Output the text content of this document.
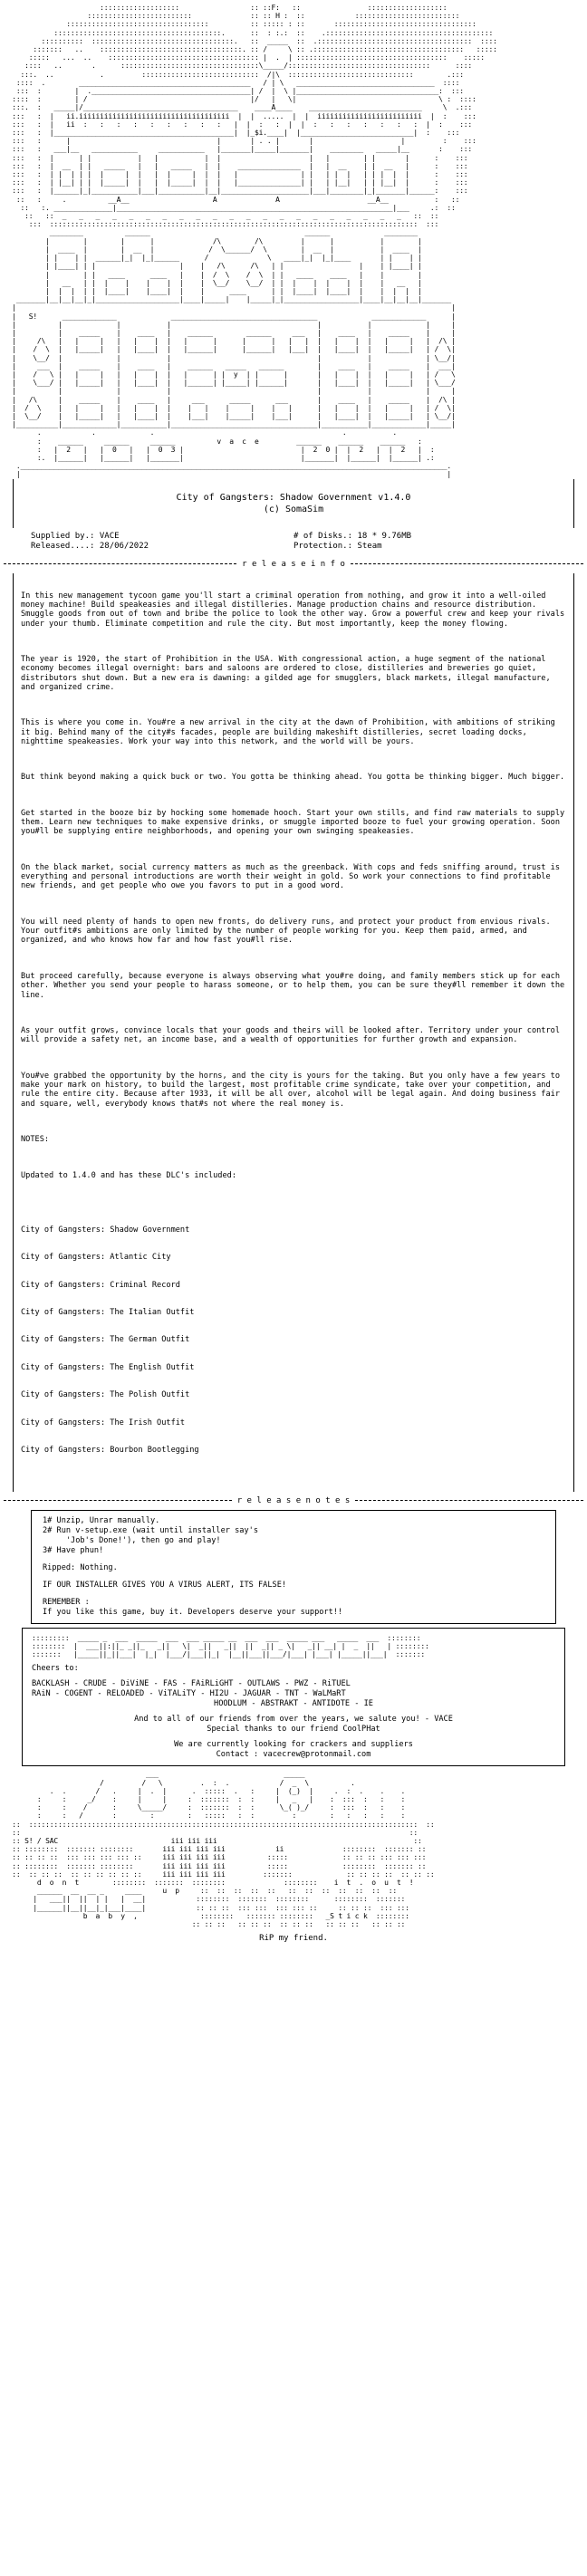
:::::::::::::::::::                 :: ::F:   ::                :::::::::::::::::::
:::::::::::::::::::::::::              :: :: H :  ::            :::::::::::::::::::::::::
::::::::::::::::::::::::::::::::::          :: ::::: : ::       ::::::::::::::::::::::::::::::::::
::::::::::::::::::::::::::::::::::::::::.      ::  : :.:  ::    .::::::::::::::::::::::::::::::::::::::::
::::::::::  ::::::::::::::::::::::::::::::::::.   ::  _____  ::  .:::::::::::::::::::::::::::::::::::::  ::::
:::::::   ..    ::::::::::::::::::::::::::::::::::. :: /     \ :: .::::::::::::::::::::::::::::::::::::   :::::
:::::   ...  ..    :::::::::::::::::::::::::::::::::::: |  .  | ::::::::::::::::::::::::::::::::::::    :::::
::::   ..       .      :::::::::::::::::::::::::::::::::\_____/::::::::::::::::::::::::::::::::::      ::::
:::.  ..           .         ::::::::::::::::::::::::::::  /|\  ::::::::::::::::::::::::::::::        .:::
::::  .        _________________________________________   / | \   _________________________________  ::::
:::  :        |  .______________________________________| /  |  \ |__________________________________:  :::
::::  :        | /                                       |/   |   \|                                  \ :  ::::
:::.  :   _____|/_____________________________________    ____A____    ___________________________     \  .:::
:::   :  |   ii.iiiiiiiiiiiiiiiiiiiiiiiiiiiiiiiiiiii  |  |  .....  |  |  iiiiiiiiiiiiiiiiiiiiiiiii  |  :    :::
:::   :  |   ii  :   :   :   :   :   :   :   :   :   |  |  :   :  |  |  :   :   :   :   :   :   :  |  :    :::
:::   :  |___________________________________________|  |_$i.____|  |___________________________|  :    :::
:::   :      |                                   |       | . . |       |                     |         :    :::
:::   :   ___|__   ___________     ___________   |_______|_____|_______|    ________   _____|__       :    :::
:::   :  |      | |           |   |           |  |                     |   |        | |       |      :    :::
:::   :  |  __  | |   _____   |   |   _____   |  |    _______________  |   |  __    | |  __   |      :    :::
:::   :  | |  | | |  |     |  |   |  |     |  |  |   |               | |   | |  |   | | |  |  |      :    :::
:::   :  | |__| | |  |_____|  |   |  |_____|  |  |   |_______________| |   | |__|   | | |__|  |      :    :::
:::   :  |______|_|___________|___|___________|__|_____________________|___|________|_|_______|______:    :::
::   :     .          __A__                    A              A                     __A__           :   ::
::   :. ______________|__________________________________________________________________|___     .:  ::
::   ::  _   _   _   _   _   _   _   _   _   _   _   _   _   _   _   _   _   _   _   _   _   ::  ::
:::  ::::::::::::::::::::::::::::::::::::::::::::::::::::::::::::::::::::::::::::::::::::::::  :::
________          ______                                     ______             ________
|        |        |      |              /\        /\         |      |           |        |
|  ____  |        |  __  |             /  \______/  \        |  __  |           |  ____  |
| |    | |  ______|_|  |_|______      /              \   ____|_|  |_|____       | |    | |
| |____| | |                    |    |   /\      /\   | |                  |    | |____| |
|        | |   ____      ____   |    |  /  \    /  \  | |   ____    ____   |    |        |
|   __   | |  |    |    |    |  |    |  \__/    \__/  | |  |    |  |    |  |    |   __   |
|  |  |  | |  |____|    |____|  |    |      ____      | |  |____|  |____|  |    |  |  |  |
_______|__|__|__|_|____________________|____|_____|    |_____|_|__________________|____|__|__|__|_______
|                                                                                                        |
|   S!      _____________             ___________________________________             _____________      |
|          |             |           |                                   |           |             |     |
|          |    _____    |    ____   |    ______        ______     ___   |    ____   |    _____    |     |
|     /\   |   |     |   |   |    |  |   |      |      |      |   |   |  |   |    |  |   |     |   |  /\ |
|    /  \  |   |_____|   |   |____|  |   |______|      |______|   |___|  |   |____|  |   |_____|   | /  \|
|    \__/  |             |           |                                   |           |             | \__/|
|     ___  |    _____    |    ____   |    ______   _____   ______        |    ____   |    _____    |  ___|
|    /   \ |   |     |   |   |    |  |   |      | |  y  | |      |       |   |    |  |   |     |   | /   \
|    \___/ |   |_____|   |   |____|  |   |______| |_____| |______|       |   |____|  |   |_____|   | \___/
|          |             |           |                                   |           |             |     |
|   /\     |    _____    |    ____   |     ___      _____      ___       |    ____   |    _____    |  /\ |
|  /  \    |   |     |   |   |    |  |    |   |    |     |    |   |      |   |    |  |   |     |   | /  \|
|  \__/    |   |_____|   |   |____|  |    |___|    |_____|    |___|      |   |____|  |   |_____|   | \__/|
|__________|_____________|___________|___________________________________|___________|_____________|_____|
.            .             .                                             .           .
:    ______     ______     ______          v  a  c  e         ______    ______    ______   :
:   |  2   |   |  0   |   |  0  3 |                            |  2  0 |  |  2   |  |  2   |  :
:.  |______|   |______|   |_______|                            |_______|  |______|  |______| .:
.______________________________________________________________________________________________________.
|                                                                                                      |
City of Gangsters: Shadow Government v1.4.0
(c) SomaSim
Supplied by.: VACE	# of Disks.: 18 * 9.76MB
Released....: 28/06/2022	Protection.: Steam
r e l e a s e i n f o

In this new management tycoon game you'll start a criminal operation from nothing, and grow it into a well-oiled money machine! Build speakeasies and illegal distilleries. Manage production chains and resource distribution. Smuggle goods from out of town and bribe the police to look the other way. Grow a powerful crew and keep your rivals under your thumb. Eliminate competition and rule the city. But most importantly, keep the money flowing.

The year is 1920, the start of Prohibition in the USA. With congressional action, a huge segment of the national economy becomes illegal overnight: bars and saloons are ordered to close, distilleries and breweries go quiet, distributors shut down. But a new era is dawning: a gilded age for smugglers, black markets, illegal manufacture, and organized crime.

This is where you come in. You#re a new arrival in the city at the dawn of Prohibition, with ambitions of striking it big. Behind many of the city#s facades, people are building makeshift distilleries, secret loading docks, nighttime speakeasies. Work your way into this network, and the world will be yours.

But think beyond making a quick buck or two. You gotta be thinking ahead. You gotta be thinking bigger. Much bigger.

Get started in the booze biz by hocking some homemade hooch. Start your own stills, and find raw materials to supply them. Learn new techniques to make expensive drinks, or smuggle imported booze to fuel your growing operation. Soon you#ll be supplying entire neighborhoods, and opening your own swinging speakeasies.

On the black market, social currency matters as much as the greenback. With cops and feds sniffing around, trust is everything and personal introductions are worth their weight in gold. So work your connections to find profitable new friends, and get people who owe you favors to put in a good word.

You will need plenty of hands to open new fronts, do delivery runs, and protect your product from envious rivals. Your outfit#s ambitions are only limited by the number of people working for you. Keep them paid, armed, and organized, and who knows how far and how fast you#ll rise.

But proceed carefully, because everyone is always observing what you#re doing, and family members stick up for each other. Whether you send your people to harass someone, or to help them, you can be sure they#ll remember it down the line.

As your outfit grows, convince locals that your goods and theirs will be looked after. Territory under your control will provide a safety net, an income base, and a wealth of opportunities for further growth and expansion.

You#ve grabbed the opportunity by the horns, and the city is yours for the taking. But you only have a few years to make your mark on history, to build the largest, most profitable crime syndicate, take over your competition, and rule the entire city. Because after 1933, it will be all over, alcohol will be legal again. And doing business fair and square, well, everybody knows that#s not where the real money is.

NOTES:

Updated to 1.4.0 and has these DLC's included:

City of Gangsters: Shadow Government

City of Gangsters: Atlantic City

City of Gangsters: Criminal Record

City of Gangsters: The Italian Outfit

City of Gangsters: The German Outfit

City of Gangsters: The English Outfit

City of Gangsters: The Polish Outfit

City of Gangsters: The Irish Outfit

City of Gangsters: Bourbon Bootlegging

r e l e a s e n o t e s
1# Unzip, Unrar manually.
2# Run v-setup.exe (wait until installer say's
'Job's Done!'), then go and play!
3# Have phun!
Ripped: Nothing.
IF OUR INSTALLER GIVES YOU A VIRUS ALERT, ITS FALSE!
REMEMBER :
If you like this game, buy it. Developers deserve your support!!
:::::::::  _____ _  ___  _____  ___  ___ _____ __  ___  ___  _____ ___   _____  ___  ::::::::
::::::::  |  ___||:||_ _||_   _||   \|  _||   _||  ||  _|| _ \|   _|| __| |  _  ||   | ::::::::
:::::::   |_____||_||___|  |_|  |___/|___||_|  |__||___||___/|___| |___| |_____||___|  :::::::
Cheers to:
BACKLASH - CRUDE - DiViNE - FAS - FAiRLiGHT - OUTLAWS - PWZ - RiTUEL
RAiN - COGENT - RELOADED - ViTALiTY - HI2U - JAGUAR - TNT - WaLMaRT
HOODLUM - ABSTRAKT - ANTIDOTE - IE
And to all of our friends from over the years, we salute you! - VACE
Special thanks to our friend CoolPHat
We are currently looking for crackers and suppliers
Contact : vacecrew@protonmail.com
___                              _____
/         /   \         .  :  .            /  _  \          .
.  .       /   .     |  .  |      .  :::::  .   :     |  (_)  |     .  :  .    .    .
:     :     _/    :     |     |     :  :::::::  :  :     |   _   |    :  :::  :   :    :
:     :    /      :     \_____/     :  :::::::  :  :      \_( )_/     :  :::  :   :    :
:     :   /       :        :        :   :::::   :  :         :        :   :   :   :    :
::  :::::::::::::::::::::::::::::::::::::::::::::::::::::::::::::::::::::::::::::::::::::::::::::  ::
::                                                                                             ::
:: S! / SAC                           iii iii iii                                               ::
:: ::::::::  ::::::: ::::::::       iii iii iii iii            ii              ::::::::  ::::::: ::
:: :: :: ::  ::: ::: ::: ::: ::     iii iii iii iii          :::::             :: :: :: ::: ::: :::
:: ::::::::  ::::::: ::::::::       iii iii iii iii          :::::             ::::::::  ::::::: ::
::  :: :: ::  :: :: :: :: :: ::     iii iii iii iii         :::::::             :: :: :: ::  :: :: ::
d  o  n  t        ::::::::  :::::::  ::::::::              ::::::::    i  t  .  o  u  t  !
______  __  __ _     ____     u  p     ::  ::  ::  ::  ::   ::  ::  ::  ::  ::  ::  ::
|   ___||  ||  | |   |  __|            ::::::::  :::::::  ::::::::      ::::::::  :::::::
|______||__||__|_|___|____|            :: :: ::  ::: :::  ::: ::: ::     :: :: ::  ::: :::
b  a  b  y  ,               ::::::::   ::::::: ::::::::   _S t i c k  ::::::::
:: :: ::   :: :: ::  :: :: ::   :: :: ::   :: :: ::
RiP my friend.
